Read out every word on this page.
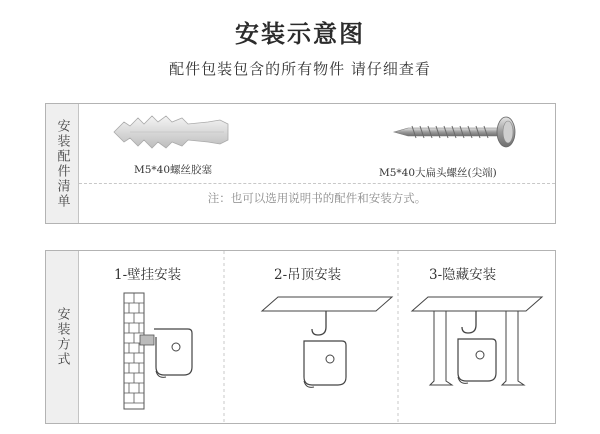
安装示意图
配件包装包含的所有物件 请仔细查看
安装配件清单	M5*40螺丝胶塞	M5*40大扁头螺丝(尖端)
注：也可以选用说明书的配件和安装方式。
安装方式
1-壁挂安装	2-吊顶安装	3-隐藏安装
